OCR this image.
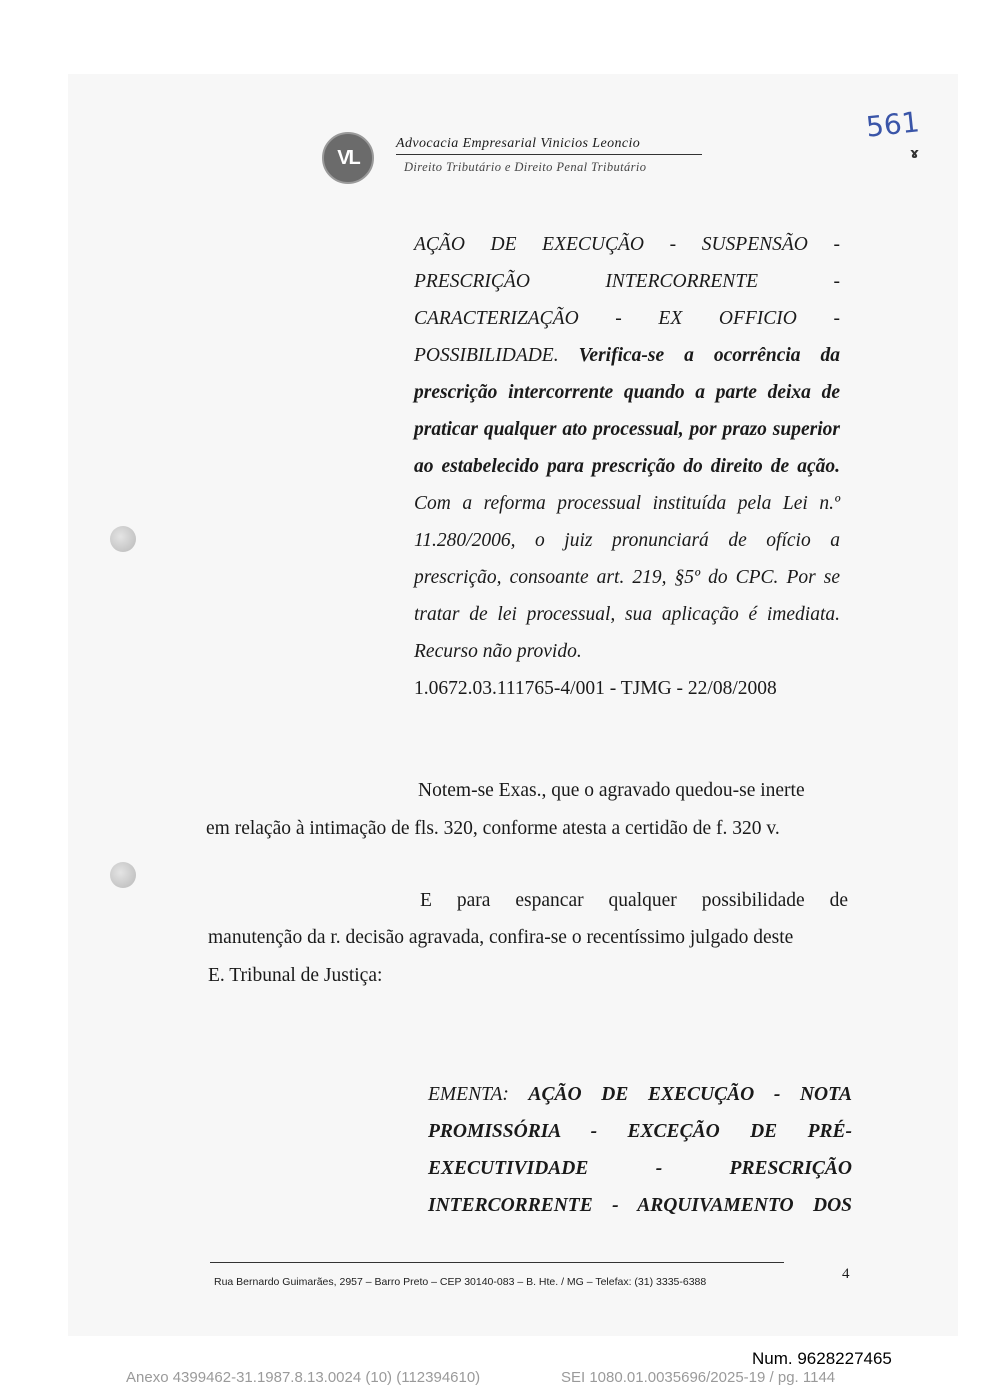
VL
Advocacia Empresarial Vinicios Leoncio
Direito Tributário e Direito Penal Tributário
561
ɤ
AÇÃO DE EXECUÇÃO - SUSPENSÃO -
PRESCRIÇÃO INTERCORRENTE -
CARACTERIZAÇÃO - EX OFFICIO -

POSSIBILIDADE. Verifica-se a ocorrência da prescrição intercorrente quando a parte deixa de praticar qualquer ato processual, por prazo superior ao estabelecido para prescrição do direito de ação. Com a reforma processual instituída pela Lei n.º 11.280/2006, o juiz pronunciará de ofício a prescrição, consoante art. 219, §5º do CPC. Por se tratar de lei processual, sua aplicação é imediata. Recurso não provido.

1.0672.03.111765-4/001 - TJMG - 22/08/2008

Notem-se Exas., que o agravado quedou-se inerte
em relação à intimação de fls. 320, conforme atesta a certidão de f. 320 v.
E para espancar qualquer possibilidade de
manutenção da r. decisão agravada, confira-se o recentíssimo julgado deste
E. Tribunal de Justiça:
EMENTA: AÇÃO DE EXECUÇÃO - NOTA
PROMISSÓRIA - EXCEÇÃO DE PRÉ-
EXECUTIVIDADE - PRESCRIÇÃO
INTERCORRENTE - ARQUIVAMENTO DOS
Rua Bernardo Guimarães, 2957 – Barro Preto – CEP 30140-083 – B. Hte. / MG – Telefax: (31) 3335-6388	4
Num. 9628227465
Anexo 4399462-31.1987.8.13.0024 (10) (112394610)	SEI 1080.01.0035696/2025-19 / pg. 1144
